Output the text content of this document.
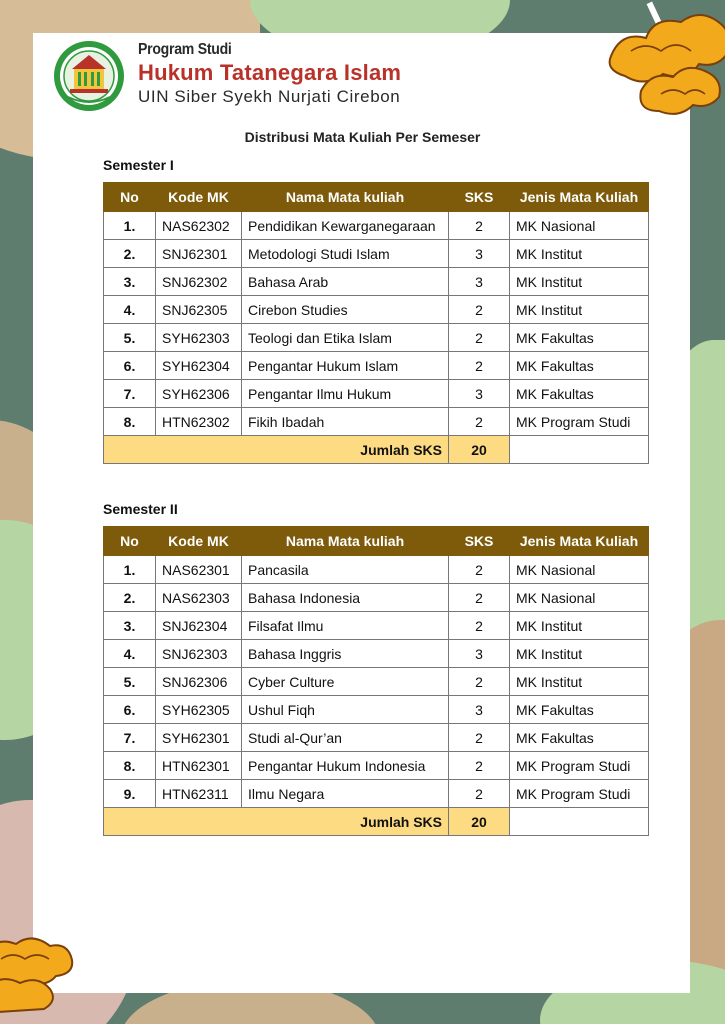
Program Studi
Hukum Tatanegara Islam
UIN Siber Syekh Nurjati Cirebon
Distribusi Mata Kuliah Per Semeser
Semester I
No	Kode MK	Nama Mata kuliah	SKS	Jenis Mata Kuliah
1.	NAS62302	Pendidikan Kewarganegaraan	2	MK Nasional
2.	SNJ62301	Metodologi Studi Islam	3	MK Institut
3.	SNJ62302	Bahasa Arab	3	MK Institut
4.	SNJ62305	Cirebon Studies	2	MK Institut
5.	SYH62303	Teologi dan Etika Islam	2	MK Fakultas
6.	SYH62304	Pengantar Hukum Islam	2	MK Fakultas
7.	SYH62306	Pengantar Ilmu Hukum	3	MK Fakultas
8.	HTN62302	Fikih Ibadah	2	MK Program Studi
Jumlah SKS			20	
Semester II
No	Kode MK	Nama Mata kuliah	SKS	Jenis Mata Kuliah
1.	NAS62301	Pancasila	2	MK Nasional
2.	NAS62303	Bahasa Indonesia	2	MK Nasional
3.	SNJ62304	Filsafat Ilmu	2	MK Institut
4.	SNJ62303	Bahasa Inggris	3	MK Institut
5.	SNJ62306	Cyber Culture	2	MK Institut
6.	SYH62305	Ushul Fiqh	3	MK Fakultas
7.	SYH62301	Studi al-Qur’an	2	MK Fakultas
8.	HTN62301	Pengantar Hukum Indonesia	2	MK Program Studi
9.	HTN62311	Ilmu Negara	2	MK Program Studi
Jumlah SKS			20	
